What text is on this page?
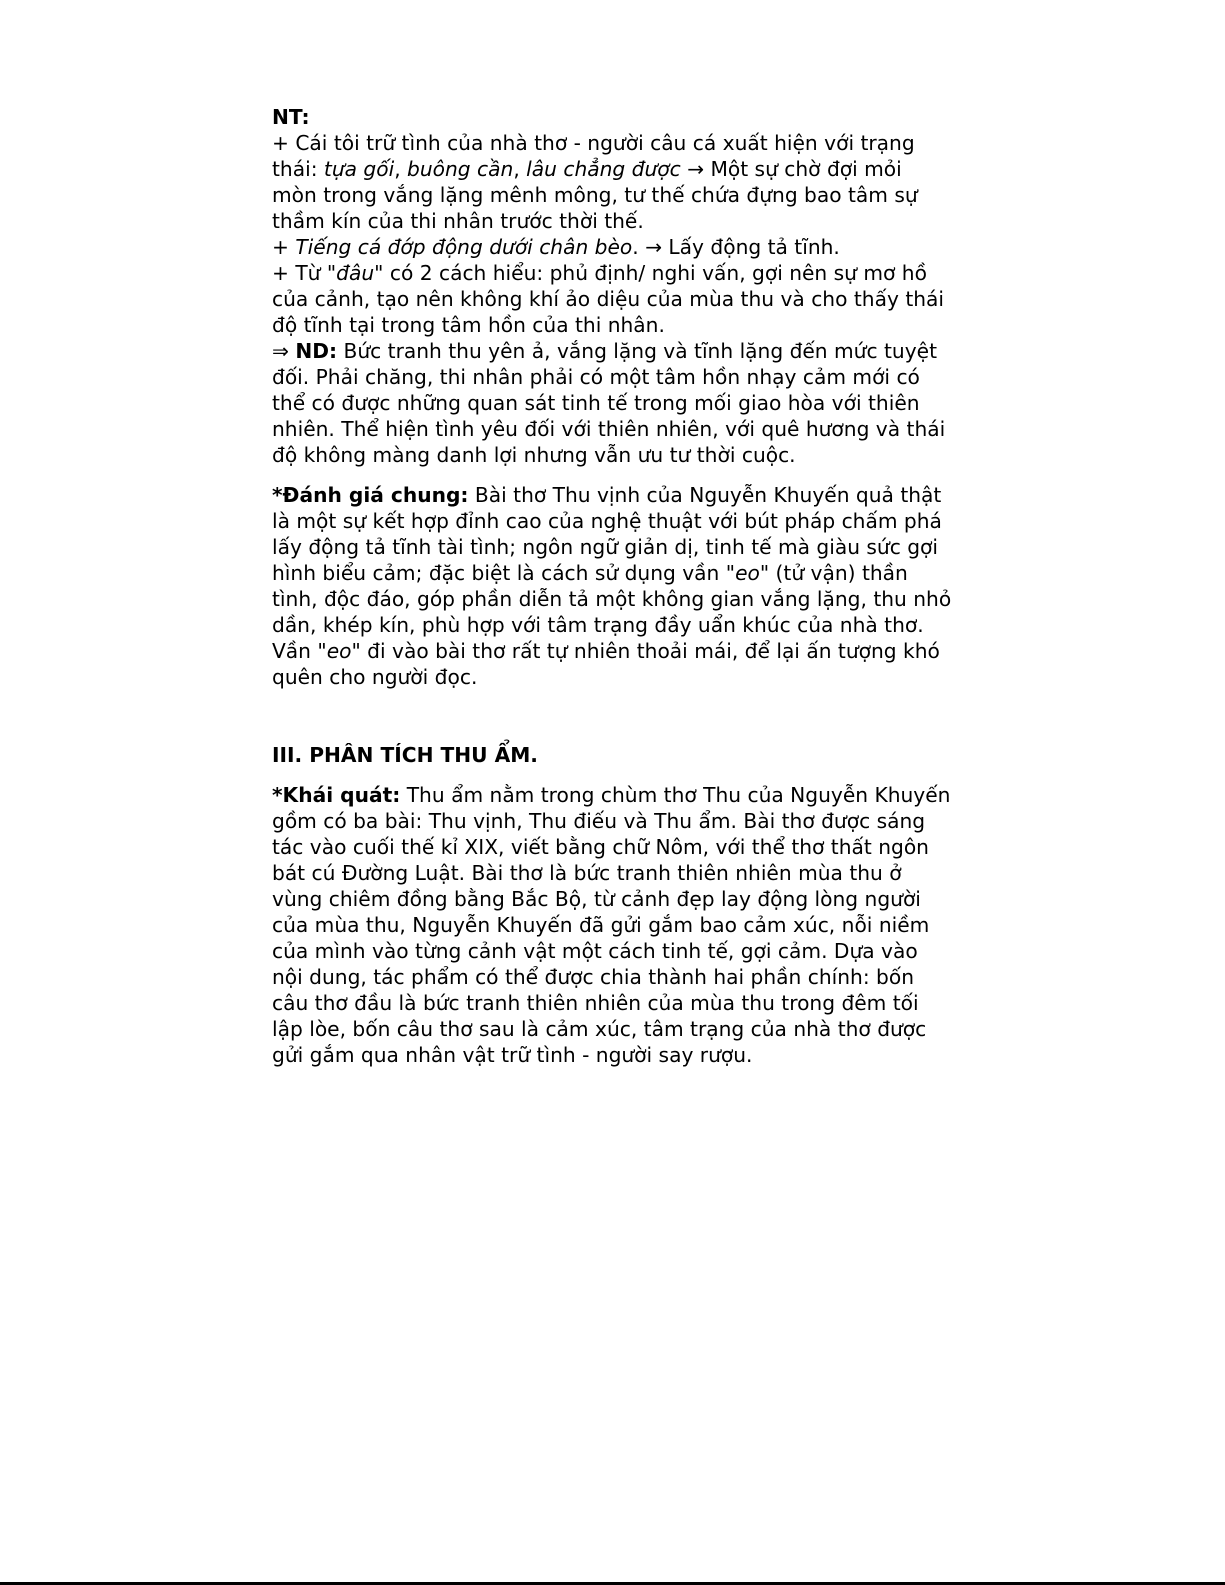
NT:

+ Cái tôi trữ tình của nhà thơ - người câu cá xuất hiện với trạng thái: tựa gối, buông cần, lâu chẳng được → Một sự chờ đợi mỏi mòn trong vắng lặng mênh mông, tư thế chứa đựng bao tâm sự thầm kín của thi nhân trước thời thế.

+ Tiếng cá đớp động dưới chân bèo. → Lấy động tả tĩnh.

+ Từ "đâu" có 2 cách hiểu: phủ định/ nghi vấn, gợi nên sự mơ hồ của cảnh, tạo nên không khí ảo diệu của mùa thu và cho thấy thái độ tĩnh tại trong tâm hồn của thi nhân.

⇒ ND: Bức tranh thu yên ả, vắng lặng và tĩnh lặng đến mức tuyệt đối. Phải chăng, thi nhân phải có một tâm hồn nhạy cảm mới có thể có được những quan sát tinh tế trong mối giao hòa với thiên nhiên. Thể hiện tình yêu đối với thiên nhiên, với quê hương và thái độ không màng danh lợi nhưng vẫn ưu tư thời cuộc.

*Đánh giá chung: Bài thơ Thu vịnh của Nguyễn Khuyến quả thật là một sự kết hợp đỉnh cao của nghệ thuật với bút pháp chấm phá lấy động tả tĩnh tài tình; ngôn ngữ giản dị, tinh tế mà giàu sức gợi hình biểu cảm; đặc biệt là cách sử dụng vần "eo" (tử vận) thần tình, độc đáo, góp phần diễn tả một không gian vắng lặng, thu nhỏ dần, khép kín, phù hợp với tâm trạng đầy uẩn khúc của nhà thơ. Vần "eo" đi vào bài thơ rất tự nhiên thoải mái, để lại ấn tượng khó quên cho người đọc.

III. PHÂN TÍCH THU ẨM.

*Khái quát: Thu ẩm nằm trong chùm thơ Thu của Nguyễn Khuyến gồm có ba bài: Thu vịnh, Thu điếu và Thu ẩm. Bài thơ được sáng tác vào cuối thế kỉ XIX, viết bằng chữ Nôm, với thể thơ thất ngôn bát cú Đường Luật. Bài thơ là bức tranh thiên nhiên mùa thu ở vùng chiêm đồng bằng Bắc Bộ, từ cảnh đẹp lay động lòng người của mùa thu, Nguyễn Khuyến đã gửi gắm bao cảm xúc, nỗi niềm của mình vào từng cảnh vật một cách tinh tế, gợi cảm. Dựa vào nội dung, tác phẩm có thể được chia thành hai phần chính: bốn câu thơ đầu là bức tranh thiên nhiên của mùa thu trong đêm tối lập lòe, bốn câu thơ sau là cảm xúc, tâm trạng của nhà thơ được gửi gắm qua nhân vật trữ tình - người say rượu.
